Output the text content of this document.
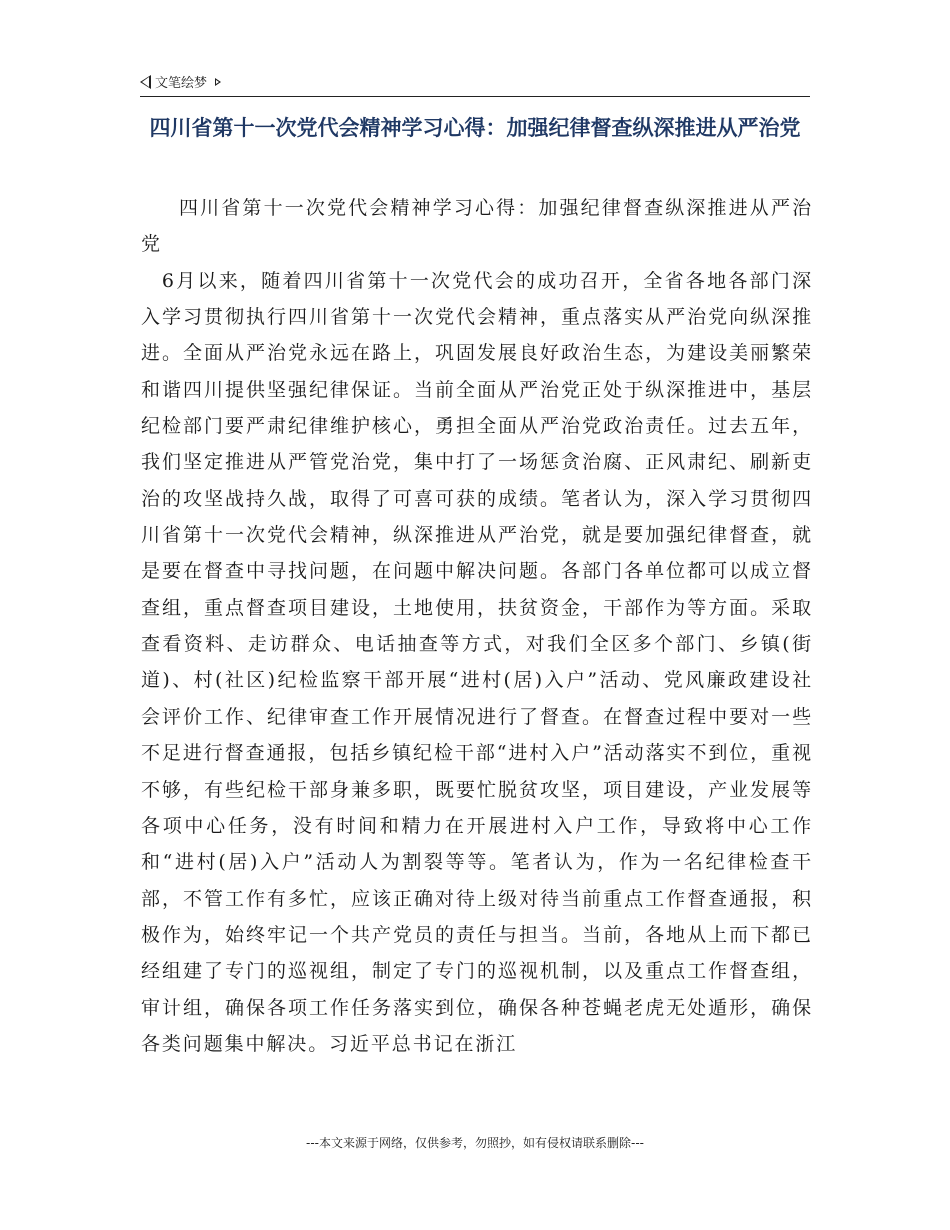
文笔绘梦
四川省第十一次党代会精神学习心得：加强纪律督查纵深推进从严治党

四川省第十一次党代会精神学习心得：加强纪律督查纵深推进从严治党

6月以来，随着四川省第十一次党代会的成功召开，全省各地各部门深入学习贯彻执行四川省第十一次党代会精神，重点落实从严治党向纵深推进。全面从严治党永远在路上，巩固发展良好政治生态，为建设美丽繁荣和谐四川提供坚强纪律保证。当前全面从严治党正处于纵深推进中，基层纪检部门要严肃纪律维护核心，勇担全面从严治党政治责任。过去五年，我们坚定推进从严管党治党，集中打了一场惩贪治腐、正风肃纪、刷新吏治的攻坚战持久战，取得了可喜可获的成绩。笔者认为，深入学习贯彻四川省第十一次党代会精神，纵深推进从严治党，就是要加强纪律督查，就是要在督查中寻找问题，在问题中解决问题。各部门各单位都可以成立督查组，重点督查项目建设，土地使用，扶贫资金，干部作为等方面。采取查看资料、走访群众、电话抽查等方式，对我们全区多个部门、乡镇(街道)、村(社区)纪检监察干部开展“进村(居)入户”活动、党风廉政建设社会评价工作、纪律审查工作开展情况进行了督查。在督查过程中要对一些不足进行督查通报，包括乡镇纪检干部“进村入户”活动落实不到位，重视不够，有些纪检干部身兼多职，既要忙脱贫攻坚，项目建设，产业发展等各项中心任务，没有时间和精力在开展进村入户工作，导致将中心工作和“进村(居)入户”活动人为割裂等等。笔者认为，作为一名纪律检查干部，不管工作有多忙，应该正确对待上级对待当前重点工作督查通报，积极作为，始终牢记一个共产党员的责任与担当。当前，各地从上而下都已经组建了专门的巡视组，制定了专门的巡视机制，以及重点工作督查组，审计组，确保各项工作任务落实到位，确保各种苍蝇老虎无处遁形，确保各类问题集中解决。习近平总书记在浙江

---本文来源于网络，仅供参考，勿照抄，如有侵权请联系删除---
